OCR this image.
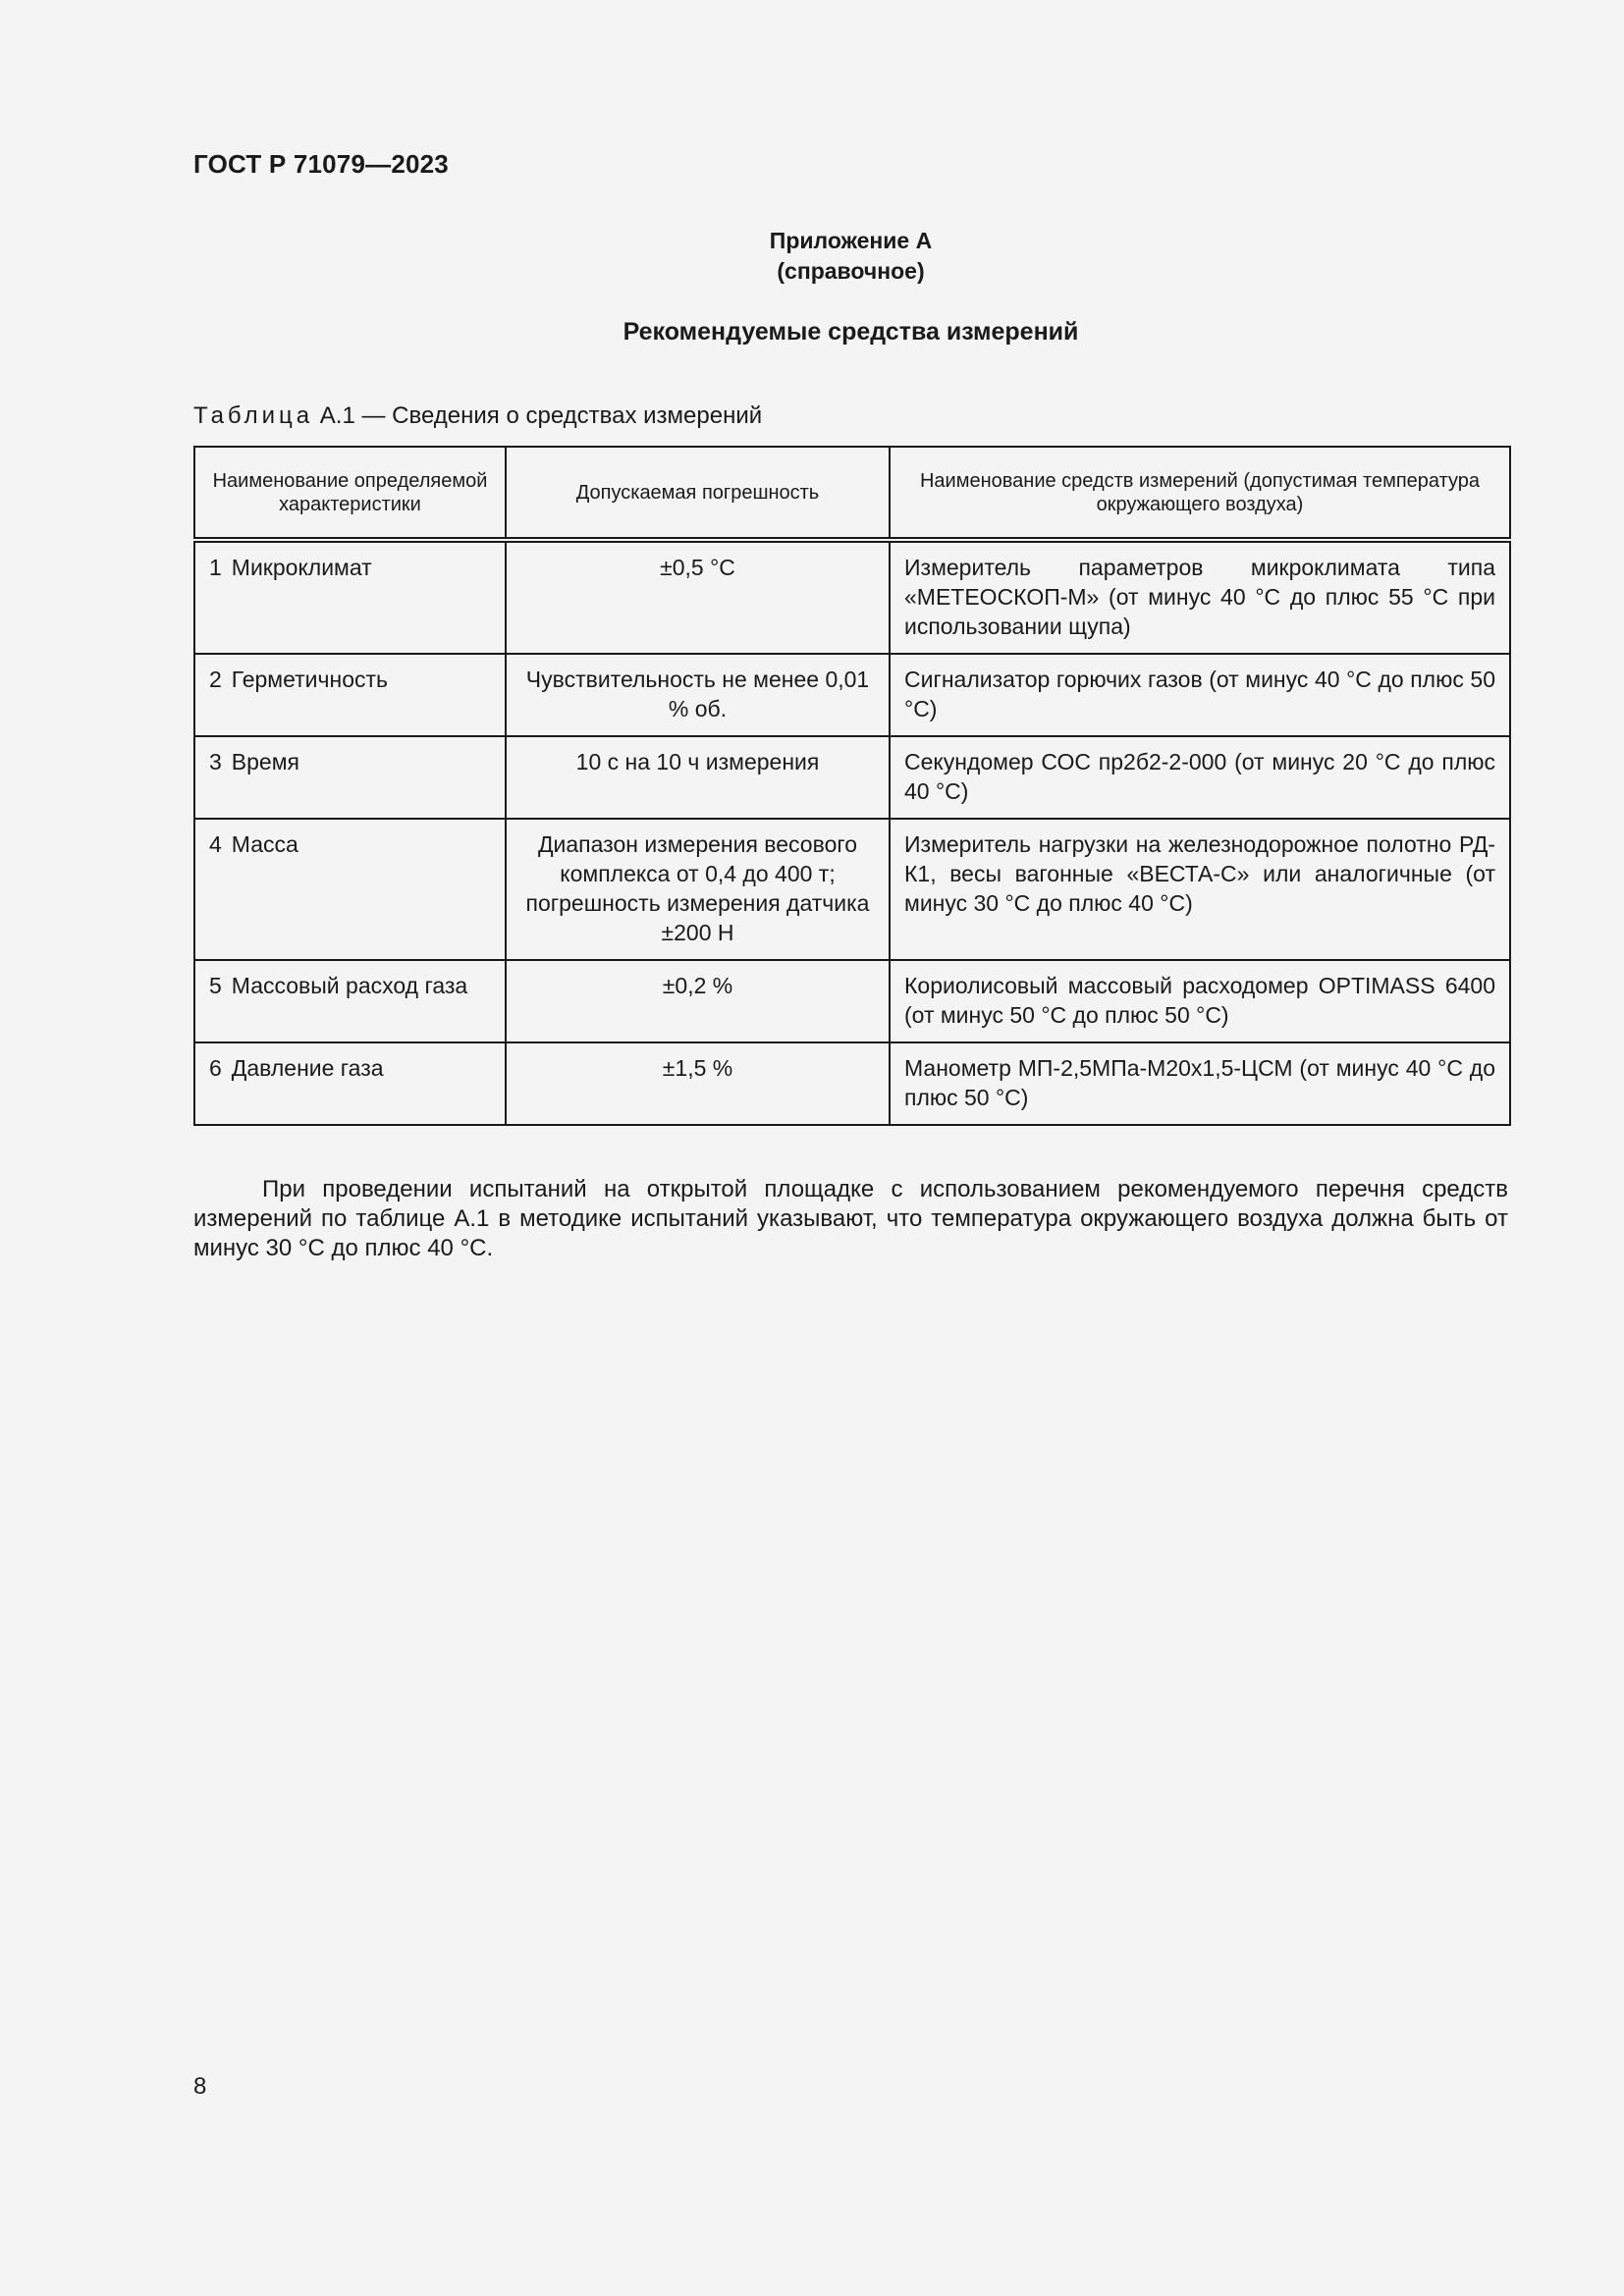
ГОСТ Р 71079—2023
Приложение А
(справочное)
Рекомендуемые средства измерений
Таблица А.1 — Сведения о средствах измерений
Наименование определяемой характеристики	Допускаемая погрешность	Наименование средств измерений (допустимая температура окружающего воздуха)
1 Микроклимат	±0,5 °С	Измеритель параметров микроклимата типа «МЕТЕОСКОП-М» (от минус 40 °С до плюс 55 °С при использовании щупа)
2 Герметичность	Чувствительность не менее 0,01 % об.	Сигнализатор горючих газов (от минус 40 °С до плюс 50 °С)
3 Время	10 с на 10 ч измерения	Секундомер СОС пр2б2-2-000 (от минус 20 °С до плюс 40 °С)
4 Масса	Диапазон измерения весового комплекса от 0,4 до 400 т; погрешность измерения датчика ±200 Н	Измеритель нагрузки на железнодорожное полотно РД-К1, весы вагонные «ВЕСТА-С» или аналогичные (от минус 30 °С до плюс 40 °С)
5 Массовый расход газа	±0,2 %	Кориолисовый массовый расходомер OPTIMASS 6400 (от минус 50 °С до плюс 50 °С)
6 Давление газа	±1,5 %	Манометр МП-2,5МПа-М20х1,5-ЦСМ (от минус 40 °С до плюс 50 °С)

При проведении испытаний на открытой площадке с использованием рекомендуемого перечня средств измерений по таблице А.1 в методике испытаний указывают, что температура окружающего воздуха должна быть от минус 30 °С до плюс 40 °С.

8
